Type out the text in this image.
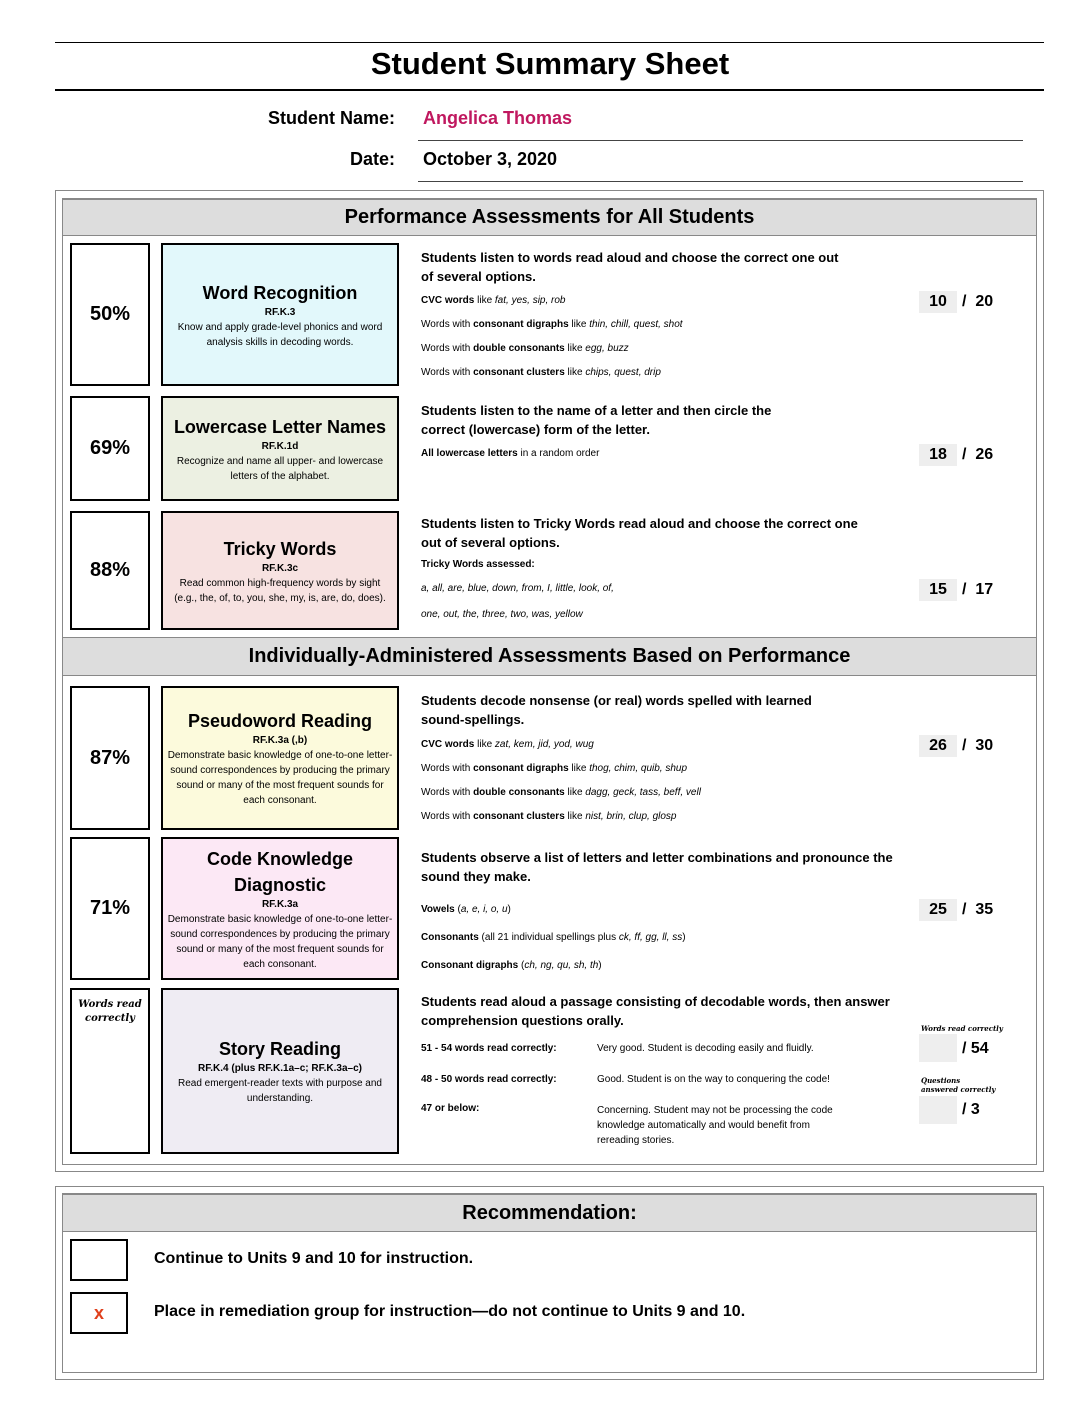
Student Summary Sheet
Student Name: Angelica Thomas
Date: October 3, 2020
Performance Assessments for All Students
50%
Word Recognition
RF.K.3
Know and apply grade-level phonics and word analysis skills in decoding words.
Students listen to words read aloud and choose the correct one out of several options.
CVC words like fat, yes, sip, rob
Words with consonant digraphs like thin, chill, quest, shot
Words with double consonants like egg, buzz
Words with consonant clusters like chips, quest, drip
10 /  20
69%
Lowercase Letter Names
RF.K.1d
Recognize and name all upper- and lowercase letters of the alphabet.
Students listen to the name of a letter and then circle the correct (lowercase) form of the letter.
All lowercase letters in a random order	18 /  26
88%
Tricky Words
RF.K.3c
Read common high-frequency words by sight (e.g., the, of, to, you, she, my, is, are, do, does).
Students listen to Tricky Words read aloud and choose the correct one out of several options.
Tricky Words assessed:
a, all, are, blue, down, from, I, little, look, of,
one, out, the, three, two, was, yellow
15 /  17
Individually-Administered Assessments Based on Performance
87%
Pseudoword Reading
RF.K.3a (,b)
Demonstrate basic knowledge of one-to-one letter-sound correspondences by producing the primary sound or many of the most frequent sounds for each consonant.
Students decode nonsense (or real) words spelled with learned sound-spellings.
CVC words like zat, kem, jid, yod, wug
Words with consonant digraphs like thog, chim, quib, shup
Words with double consonants like dagg, geck, tass, beff, vell
Words with consonant clusters like nist, brin, clup, glosp
26 /  30
71%
Code Knowledge Diagnostic
RF.K.3a
Demonstrate basic knowledge of one-to-one letter-sound correspondences by producing the primary sound or many of the most frequent sounds for each consonant.
Students observe a list of letters and letter combinations and pronounce the sound they make.
Vowels (a, e, i, o, u)
Consonants (all 21 individual spellings plus ck, ff, gg, ll, ss)
Consonant digraphs (ch, ng, qu, sh, th)
25 /  35
Words read correctly
Story Reading
RF.K.4 (plus RF.K.1a–c; RF.K.3a–c)
Read emergent-reader texts with purpose and understanding.
Students read aloud a passage consisting of decodable words, then answer comprehension questions orally.
51 - 54 words read correctly:	Very good. Student is decoding easily and fluidly.
48 - 50 words read correctly:	Good. Student is on the way to conquering the code!
47 or below:	Concerning. Student may not be processing the code knowledge automatically and would benefit from rereading stories.
Words read correctly
/ 54
Questions answered correctly
/ 3
Recommendation:
Continue to Units 9 and 10 for instruction.
x	Place in remediation group for instruction—do not continue to Units 9 and 10.
